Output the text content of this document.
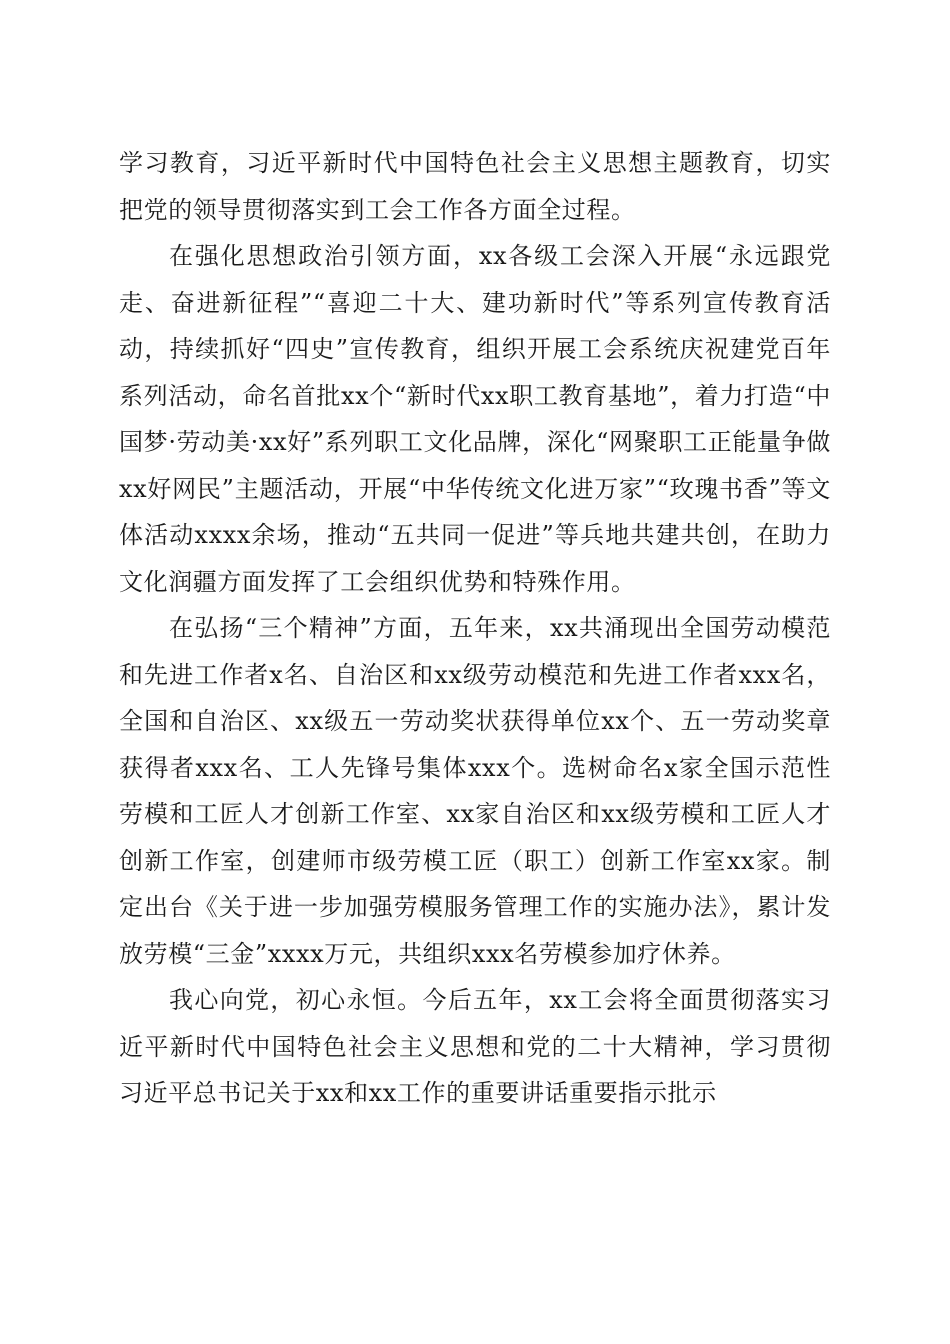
学习教育，习近平新时代中国特色社会主义思想主题教育，切实把党的领导贯彻落实到工会工作各方面全过程。

在强化思想政治引领方面，xx各级工会深入开展“永远跟党走、奋进新征程”“喜迎二十大、建功新时代”等系列宣传教育活动，持续抓好“四史”宣传教育，组织开展工会系统庆祝建党百年系列活动，命名首批xx个“新时代xx职工教育基地”，着力打造“中国梦·劳动美·xx好”系列职工文化品牌，深化“网聚职工正能量争做xx好网民”主题活动，开展“中华传统文化进万家”“玫瑰书香”等文体活动xxxx余场，推动“五共同一促进”等兵地共建共创，在助力文化润疆方面发挥了工会组织优势和特殊作用。

在弘扬“三个精神”方面，五年来，xx共涌现出全国劳动模范和先进工作者x名、自治区和xx级劳动模范和先进工作者xxx名，全国和自治区、xx级五一劳动奖状获得单位xx个、五一劳动奖章获得者xxx名、工人先锋号集体xxx个。选树命名x家全国示范性劳模和工匠人才创新工作室、xx家自治区和xx级劳模和工匠人才创新工作室，创建师市级劳模工匠（职工）创新工作室xx家。制定出台《关于进一步加强劳模服务管理工作的实施办法》，累计发放劳模“三金”xxxx万元，共组织xxx名劳模参加疗休养。

我心向党，初心永恒。今后五年，xx工会将全面贯彻落实习近平新时代中国特色社会主义思想和党的二十大精神，学习贯彻习近平总书记关于xx和xx工作的重要讲话重要指示批示
